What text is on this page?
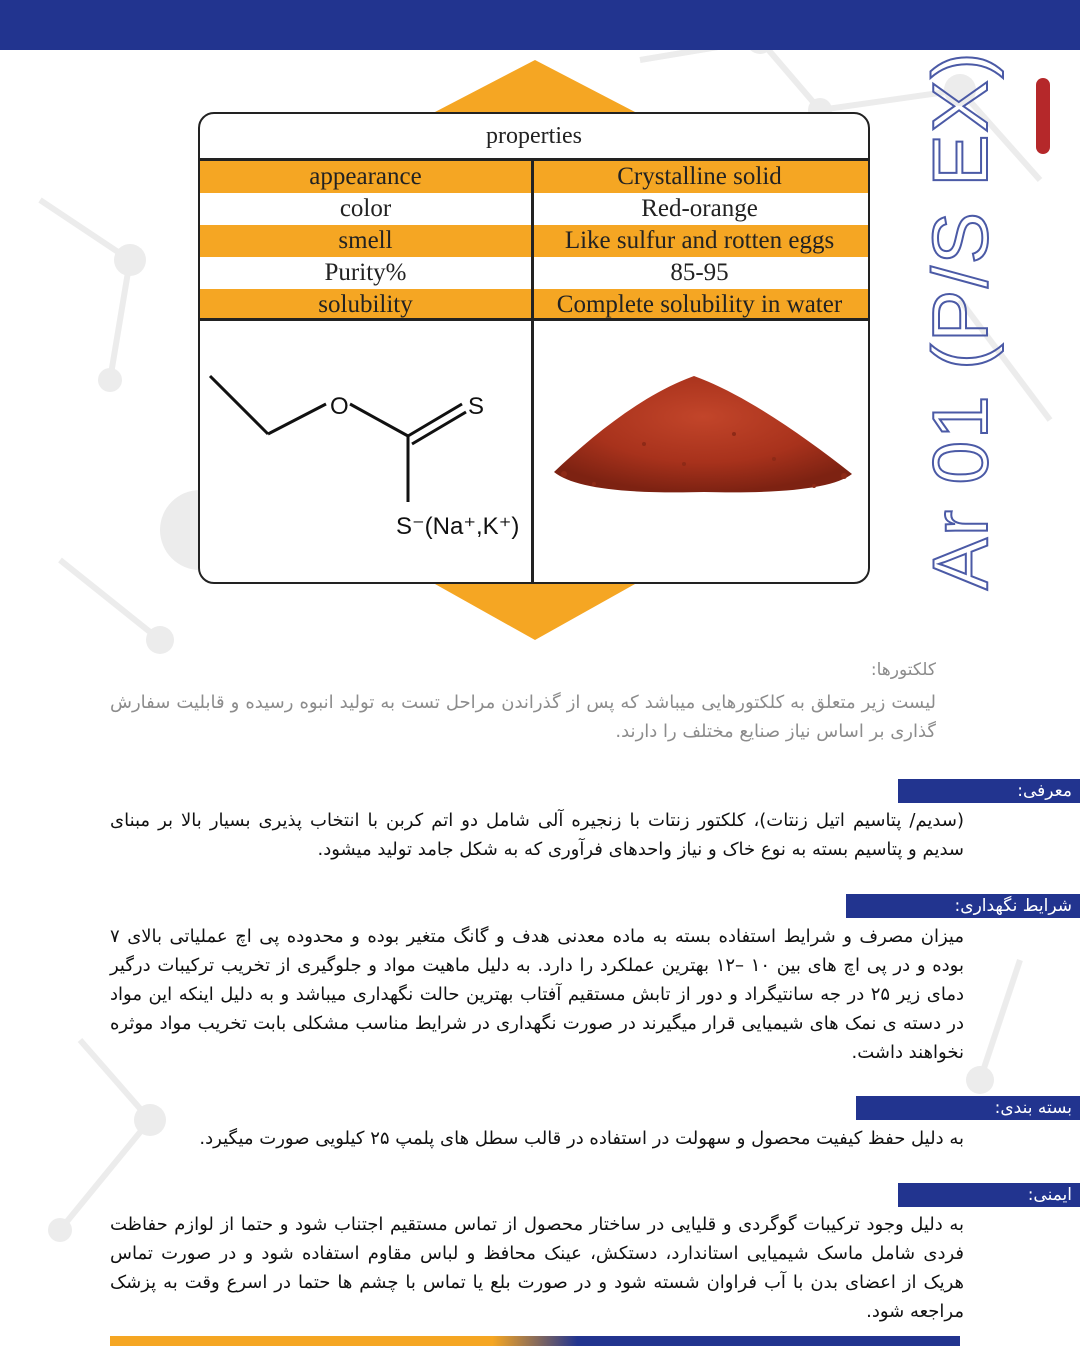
properties
appearance	Crystalline solid
color	Red-orange
smell	Like sulfur and rotten eggs
Purity%	85-95
solubility	Complete solubility in water
O	S
S⁻(Na⁺,K⁺)	Ar 01 (P/S EX)
کلکتورها:
لیست زیر متعلق به کلکتورهایی میباشد که پس از گذراندن مراحل تست به تولید انبوه رسیده و قابلیت سفارش گذاری بر اساس نیاز صنایع مختلف را دارند.
معرفی:
(سدیم/ پتاسیم اتیل زنتات)، کلکتور زنتات با زنجیره آلی شامل دو اتم کربن با انتخاب پذیری بسیار بالا بر مبنای سدیم و پتاسیم بسته به نوع خاک و نیاز واحدهای فرآوری که به شکل جامد تولید میشود.
شرایط نگهداری:
میزان مصرف و شرایط استفاده بسته به ماده معدنی هدف و گانگ متغیر بوده و محدوده پی اچ عملیاتی بالای ۷ بوده و در پی اچ های بین ۱۰ –۱۲ بهترین عملکرد را دارد. به دلیل ماهیت مواد و جلوگیری از تخریب ترکیبات درگیر دمای زیر ۲۵ در جه سانتیگراد و دور از تابش مستقیم آفتاب بهترین حالت نگهداری میباشد و به دلیل اینکه این مواد در دسته ی نمک های شیمیایی قرار میگیرند در صورت نگهداری در شرایط مناسب مشکلی بابت تخریب مواد موثره نخواهند داشت.
بسته بندی:
به دلیل حفظ کیفیت محصول و سهولت در استفاده در قالب سطل های پلمپ ۲۵ کیلویی صورت میگیرد.
ایمنی:
به دلیل وجود ترکیبات گوگردی و قلیایی در ساختار محصول از تماس مستقیم اجتناب شود و حتما از لوازم حفاظت فردی شامل ماسک شیمیایی استاندارد، دستکش، عینک محافظ و لباس مقاوم استفاده شود و در صورت تماس هریک از اعضای بدن با آب فراوان شسته شود و در صورت بلع یا تماس با چشم ها حتما در اسرع وقت به پزشک مراجعه شود.
